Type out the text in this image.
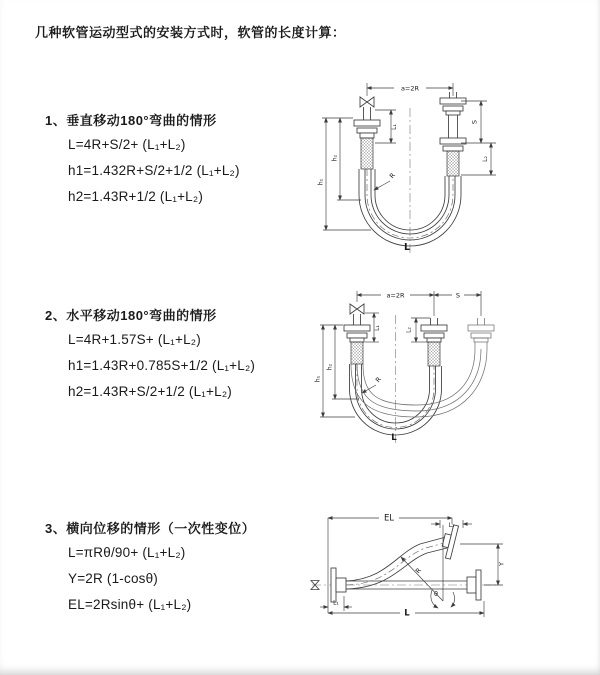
几种软管运动型式的安装方式时，软管的长度计算：
1、垂直移动180°弯曲的情形
L=4R+S/2+ (L₁+L₂)
h1=1.432R+S/2+1/2 (L₁+L₂)
h2=1.43R+1/2 (L₁+L₂)
2、水平移动180°弯曲的情形
L=4R+1.57S+ (L₁+L₂)
h1=1.43R+0.785S+1/2 (L₁+L₂)
h2=1.43R+S/2+1/2 (L₁+L₂)
3、横向位移的情形（一次性变位）
L=πRθ/90+ (L₁+L₂)
Y=2R (1-cosθ)
EL=2Rsinθ+ (L₁+L₂)
a=2R
S
L₂
h₁
h₂
L₁
R
L
a=2R	S
h₁
h₂
L₁	L₂
R
L
R
θ
EL
L₂
Y
L
L₁
